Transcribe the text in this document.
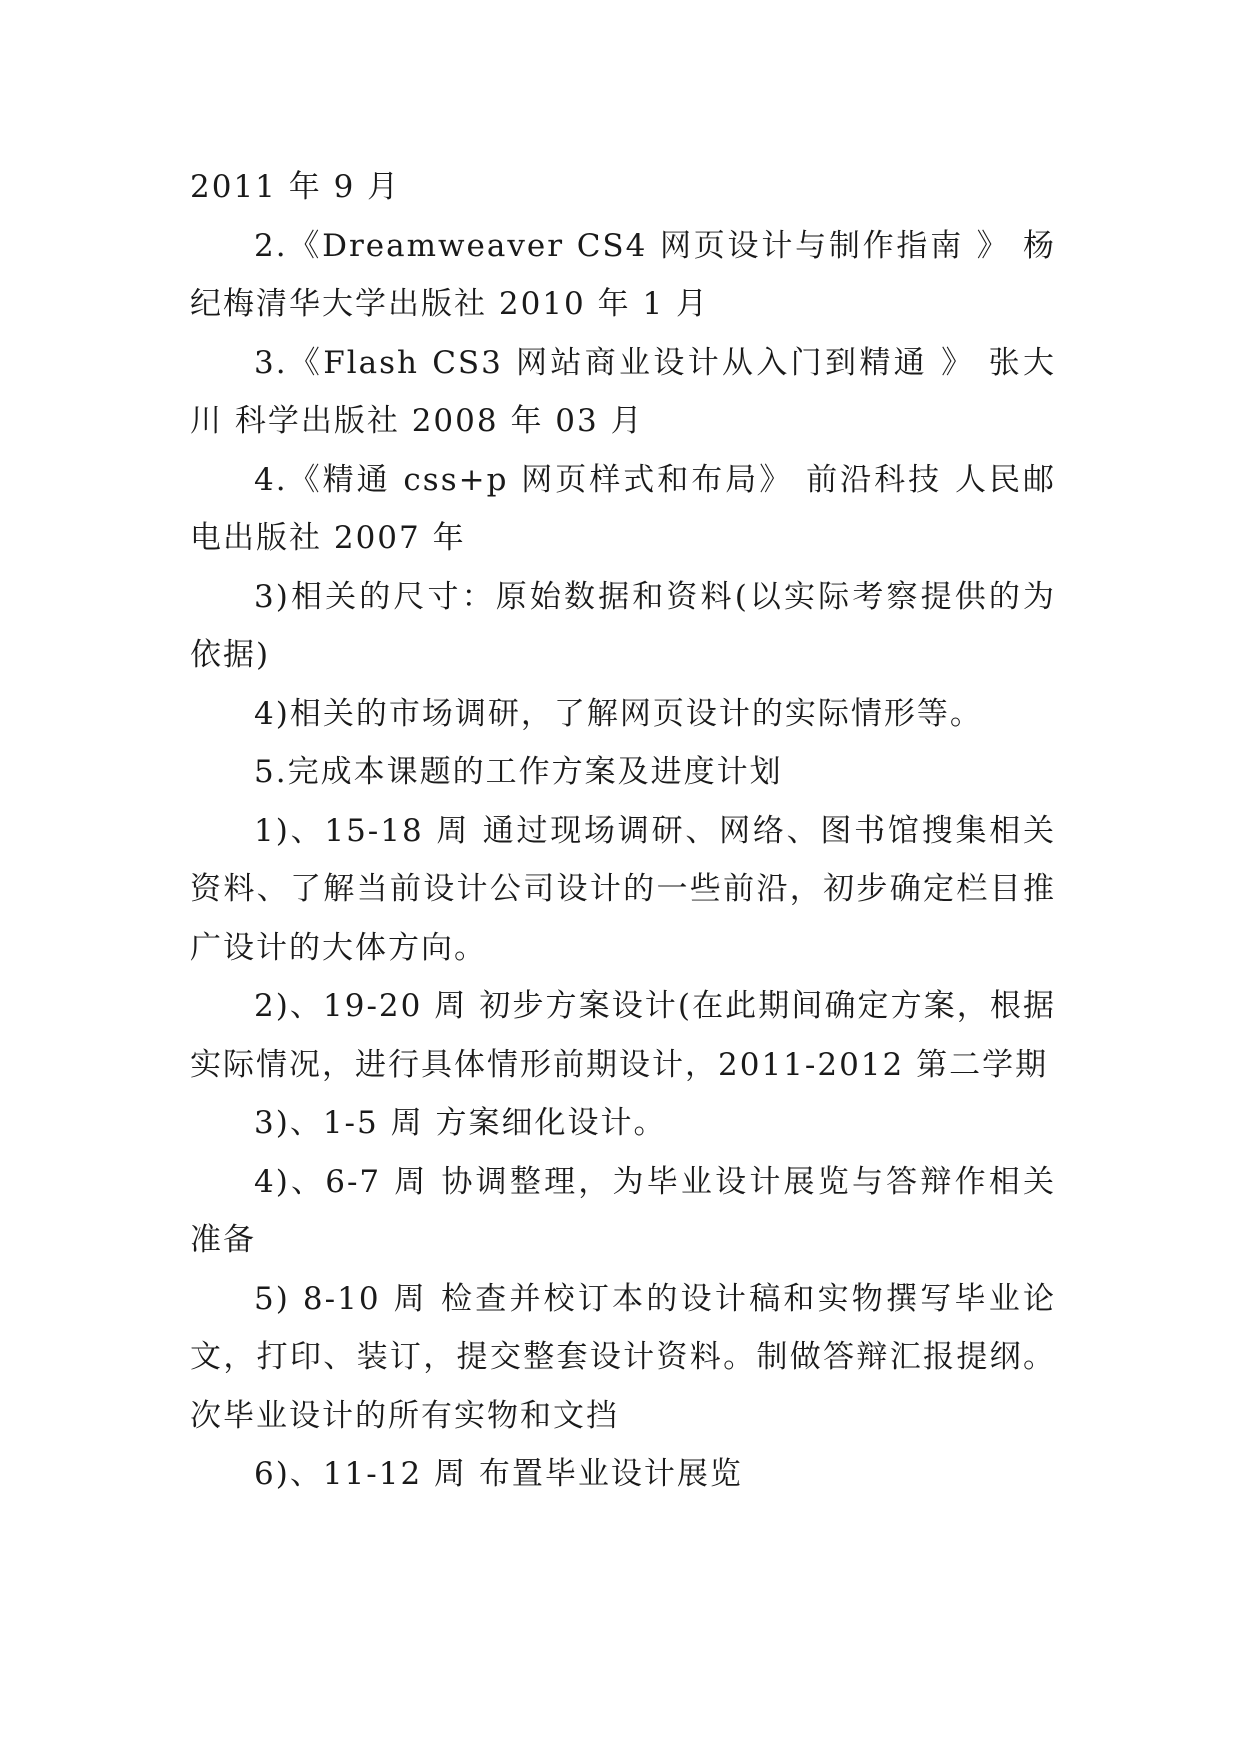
2011 年 9 月

2.《Dreamweaver CS4 网页设计与制作指南 》 杨纪梅清华大学出版社 2010 年 1 月

3.《Flash CS3 网站商业设计从入门到精通 》 张大川 科学出版社 2008 年 03 月

4.《精通 css+p 网页样式和布局》 前沿科技 人民邮电出版社 2007 年

3)相关的尺寸：原始数据和资料(以实际考察提供的为依据)

4)相关的市场调研，了解网页设计的实际情形等。

5.完成本课题的工作方案及进度计划

1)、15-18 周 通过现场调研、网络、图书馆搜集相关资料、了解当前设计公司设计的一些前沿，初步确定栏目推广设计的大体方向。

2)、19-20 周 初步方案设计(在此期间确定方案，根据实际情况，进行具体情形前期设计，2011-2012 第二学期

3)、1-5 周 方案细化设计。

4)、6-7 周 协调整理，为毕业设计展览与答辩作相关准备

5) 8-10 周 检查并校订本的设计稿和实物撰写毕业论文，打印、装订，提交整套设计资料。制做答辩汇报提纲。次毕业设计的所有实物和文挡

6)、11-12 周 布置毕业设计展览
